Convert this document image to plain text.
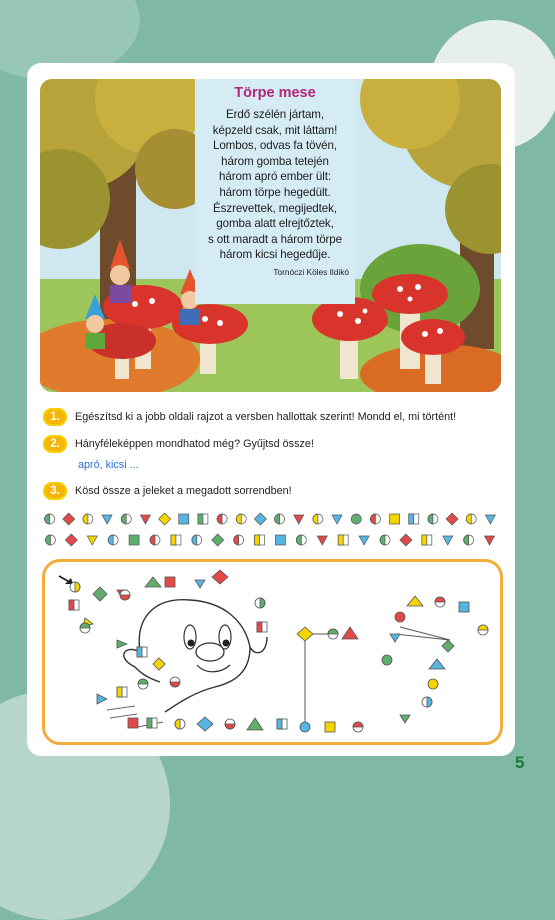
Törpe mese
Erdő szélén jártam,
képzeld csak, mit láttam!
Lombos, odvas fa tövén,
három gomba tetején
három apró ember ült:
három törpe hegedült.
Észrevettek, megijedtek,
gomba alatt elrejtőztek,
s ott maradt a három törpe
három kicsi hegedűje.
Tornóczi Köles Ildikó
1.	Egészítsd ki a jobb oldali rajzot a versben hallottak szerint! Mondd el, mi történt!
2.	Hányféleképpen mondhatod még? Gyűjtsd össze!
apró, kicsi ...
3.	Kösd össze a jeleket a megadott sorrendben!
5
